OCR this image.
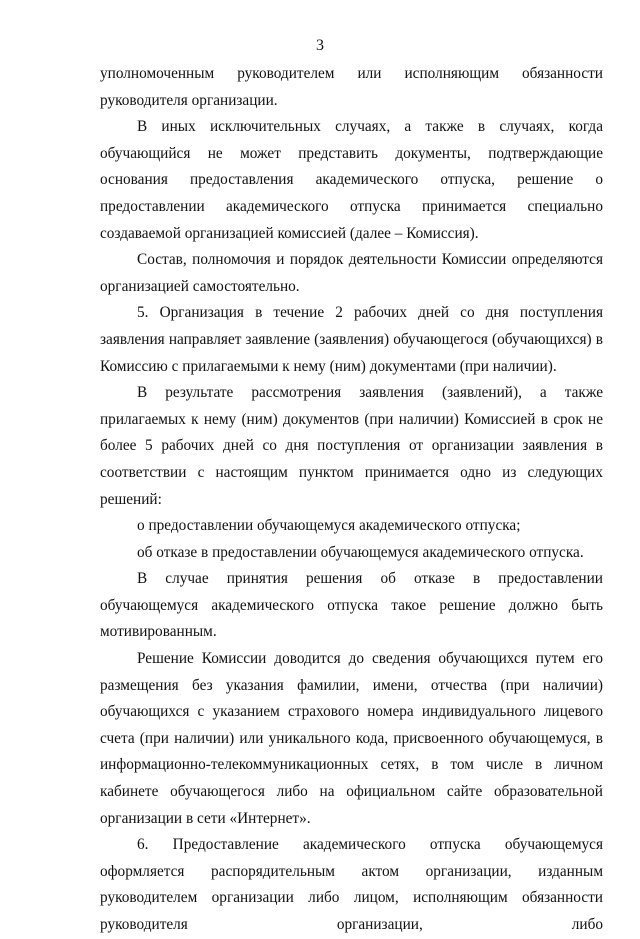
3

уполномоченным руководителем или исполняющим обязанности руководителя организации.

В иных исключительных случаях, а также в случаях, когда обучающийся не может представить документы, подтверждающие основания предоставления академического отпуска, решение о предоставлении академического отпуска принимается специально создаваемой организацией комиссией (далее – Комиссия).

Состав, полномочия и порядок деятельности Комиссии определяются организацией самостоятельно.

5. Организация в течение 2 рабочих дней со дня поступления заявления направляет заявление (заявления) обучающегося (обучающихся) в Комиссию с прилагаемыми к нему (ним) документами (при наличии).

В результате рассмотрения заявления (заявлений), а также прилагаемых к нему (ним) документов (при наличии) Комиссией в срок не более 5 рабочих дней со дня поступления от организации заявления в соответствии с настоящим пунктом принимается одно из следующих решений:

о предоставлении обучающемуся академического отпуска;

об отказе в предоставлении обучающемуся академического отпуска.

В случае принятия решения об отказе в предоставлении обучающемуся академического отпуска такое решение должно быть мотивированным.

Решение Комиссии доводится до сведения обучающихся путем его размещения без указания фамилии, имени, отчества (при наличии) обучающихся с указанием страхового номера индивидуального лицевого счета (при наличии) или уникального кода, присвоенного обучающемуся, в информационно-телекоммуникационных сетях, в том числе в личном кабинете обучающегося либо на официальном сайте образовательной организации в сети «Интернет».

6. Предоставление академического отпуска обучающемуся оформляется распорядительным актом организации, изданным руководителем организации либо лицом, исполняющим обязанности руководителя организации, либо
